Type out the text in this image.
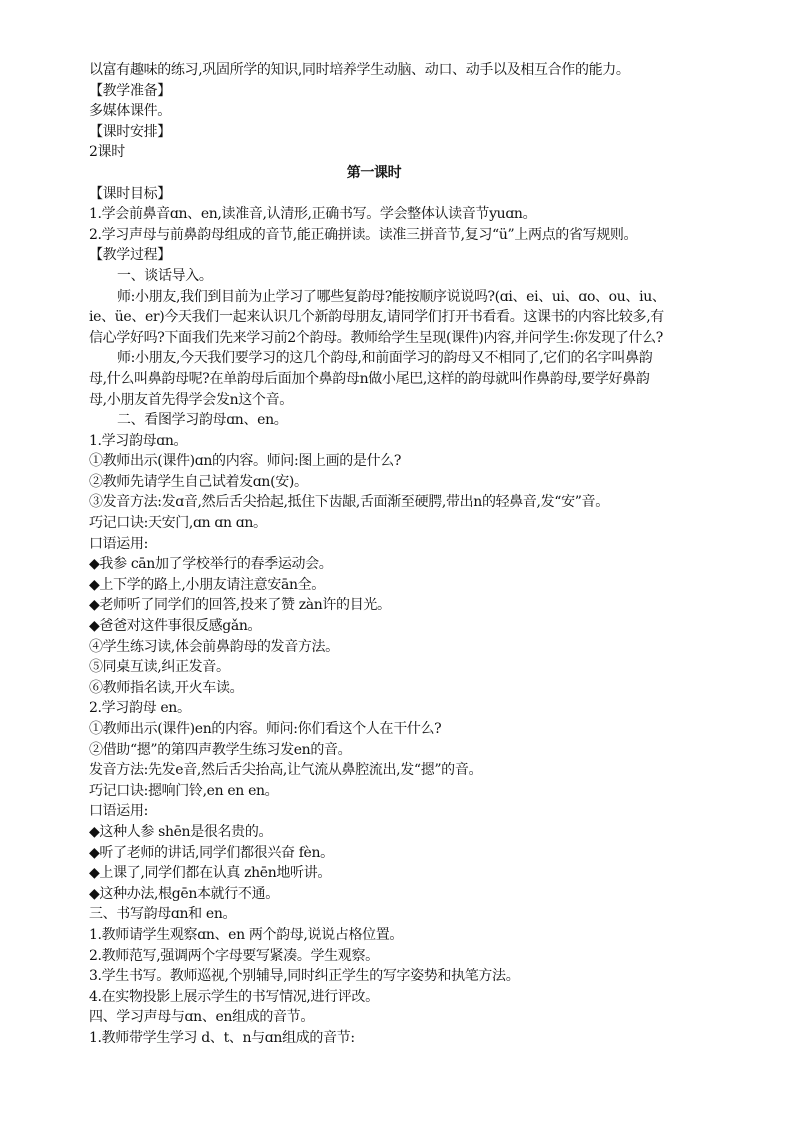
以富有趣味的练习,巩固所学的知识,同时培养学生动脑、动口、动手以及相互合作的能力。
【教学准备】
多媒体课件。
【课时安排】
2课时
第一课时
【课时目标】
1.学会前鼻音ɑn、en,读准音,认清形,正确书写。学会整体认读音节yuɑn。
2.学习声母与前鼻韵母组成的音节,能正确拼读。读准三拼音节,复习“ü”上两点的省写规则。
【教学过程】
一、谈话导入。
师:小朋友,我们到目前为止学习了哪些复韵母?能按顺序说说吗?(ɑi、ei、ui、ɑo、ou、iu、
ie、üe、er)今天我们一起来认识几个新韵母朋友,请同学们打开书看看。这课书的内容比较多,有
信心学好吗?下面我们先来学习前2个韵母。教师给学生呈现(课件)内容,并问学生:你发现了什么?
师:小朋友,今天我们要学习的这几个韵母,和前面学习的韵母又不相同了,它们的名字叫鼻韵
母,什么叫鼻韵母呢?在单韵母后面加个鼻韵母n做小尾巴,这样的韵母就叫作鼻韵母,要学好鼻韵
母,小朋友首先得学会发n这个音。
二、看图学习韵母ɑn、en。
1.学习韵母ɑn。
①教师出示(课件)ɑn的内容。师问:图上画的是什么?
②教师先请学生自己试着发ɑn(安)。
③发音方法:发ɑ音,然后舌尖拾起,抵住下齿龈,舌面渐至硬腭,带出n的轻鼻音,发“安”音。
巧记口诀:天安门,ɑn ɑn ɑn。
口语运用:
◆我参 cān加了学校举行的春季运动会。
◆上下学的路上,小朋友请注意安ān全。
◆老师听了同学们的回答,投来了赞 zàn许的目光。
◆爸爸对这件事很反感gǎn。
④学生练习读,体会前鼻韵母的发音方法。
⑤同桌互读,纠正发音。
⑥教师指名读,开火车读。
2.学习韵母 en。
①教师出示(课件)en的内容。师问:你们看这个人在干什么?
②借助“摁”的第四声教学生练习发en的音。
发音方法:先发e音,然后舌尖抬高,让气流从鼻腔流出,发“摁”的音。
巧记口诀:摁响门铃,en en en。
口语运用:
◆这种人参 shēn是很名贵的。
◆听了老师的讲话,同学们都很兴奋 fèn。
◆上课了,同学们都在认真 zhēn地听讲。
◆这种办法,根gēn本就行不通。
三、书写韵母ɑn和 en。
1.教师请学生观察ɑn、en 两个韵母,说说占格位置。
2.教师范写,强调两个字母要写紧凑。学生观察。
3.学生书写。教师巡视,个别辅导,同时纠正学生的写字姿势和执笔方法。
4.在实物投影上展示学生的书写情况,进行评改。
四、学习声母与ɑn、en组成的音节。
1.教师带学生学习 d、t、n与ɑn组成的音节:
